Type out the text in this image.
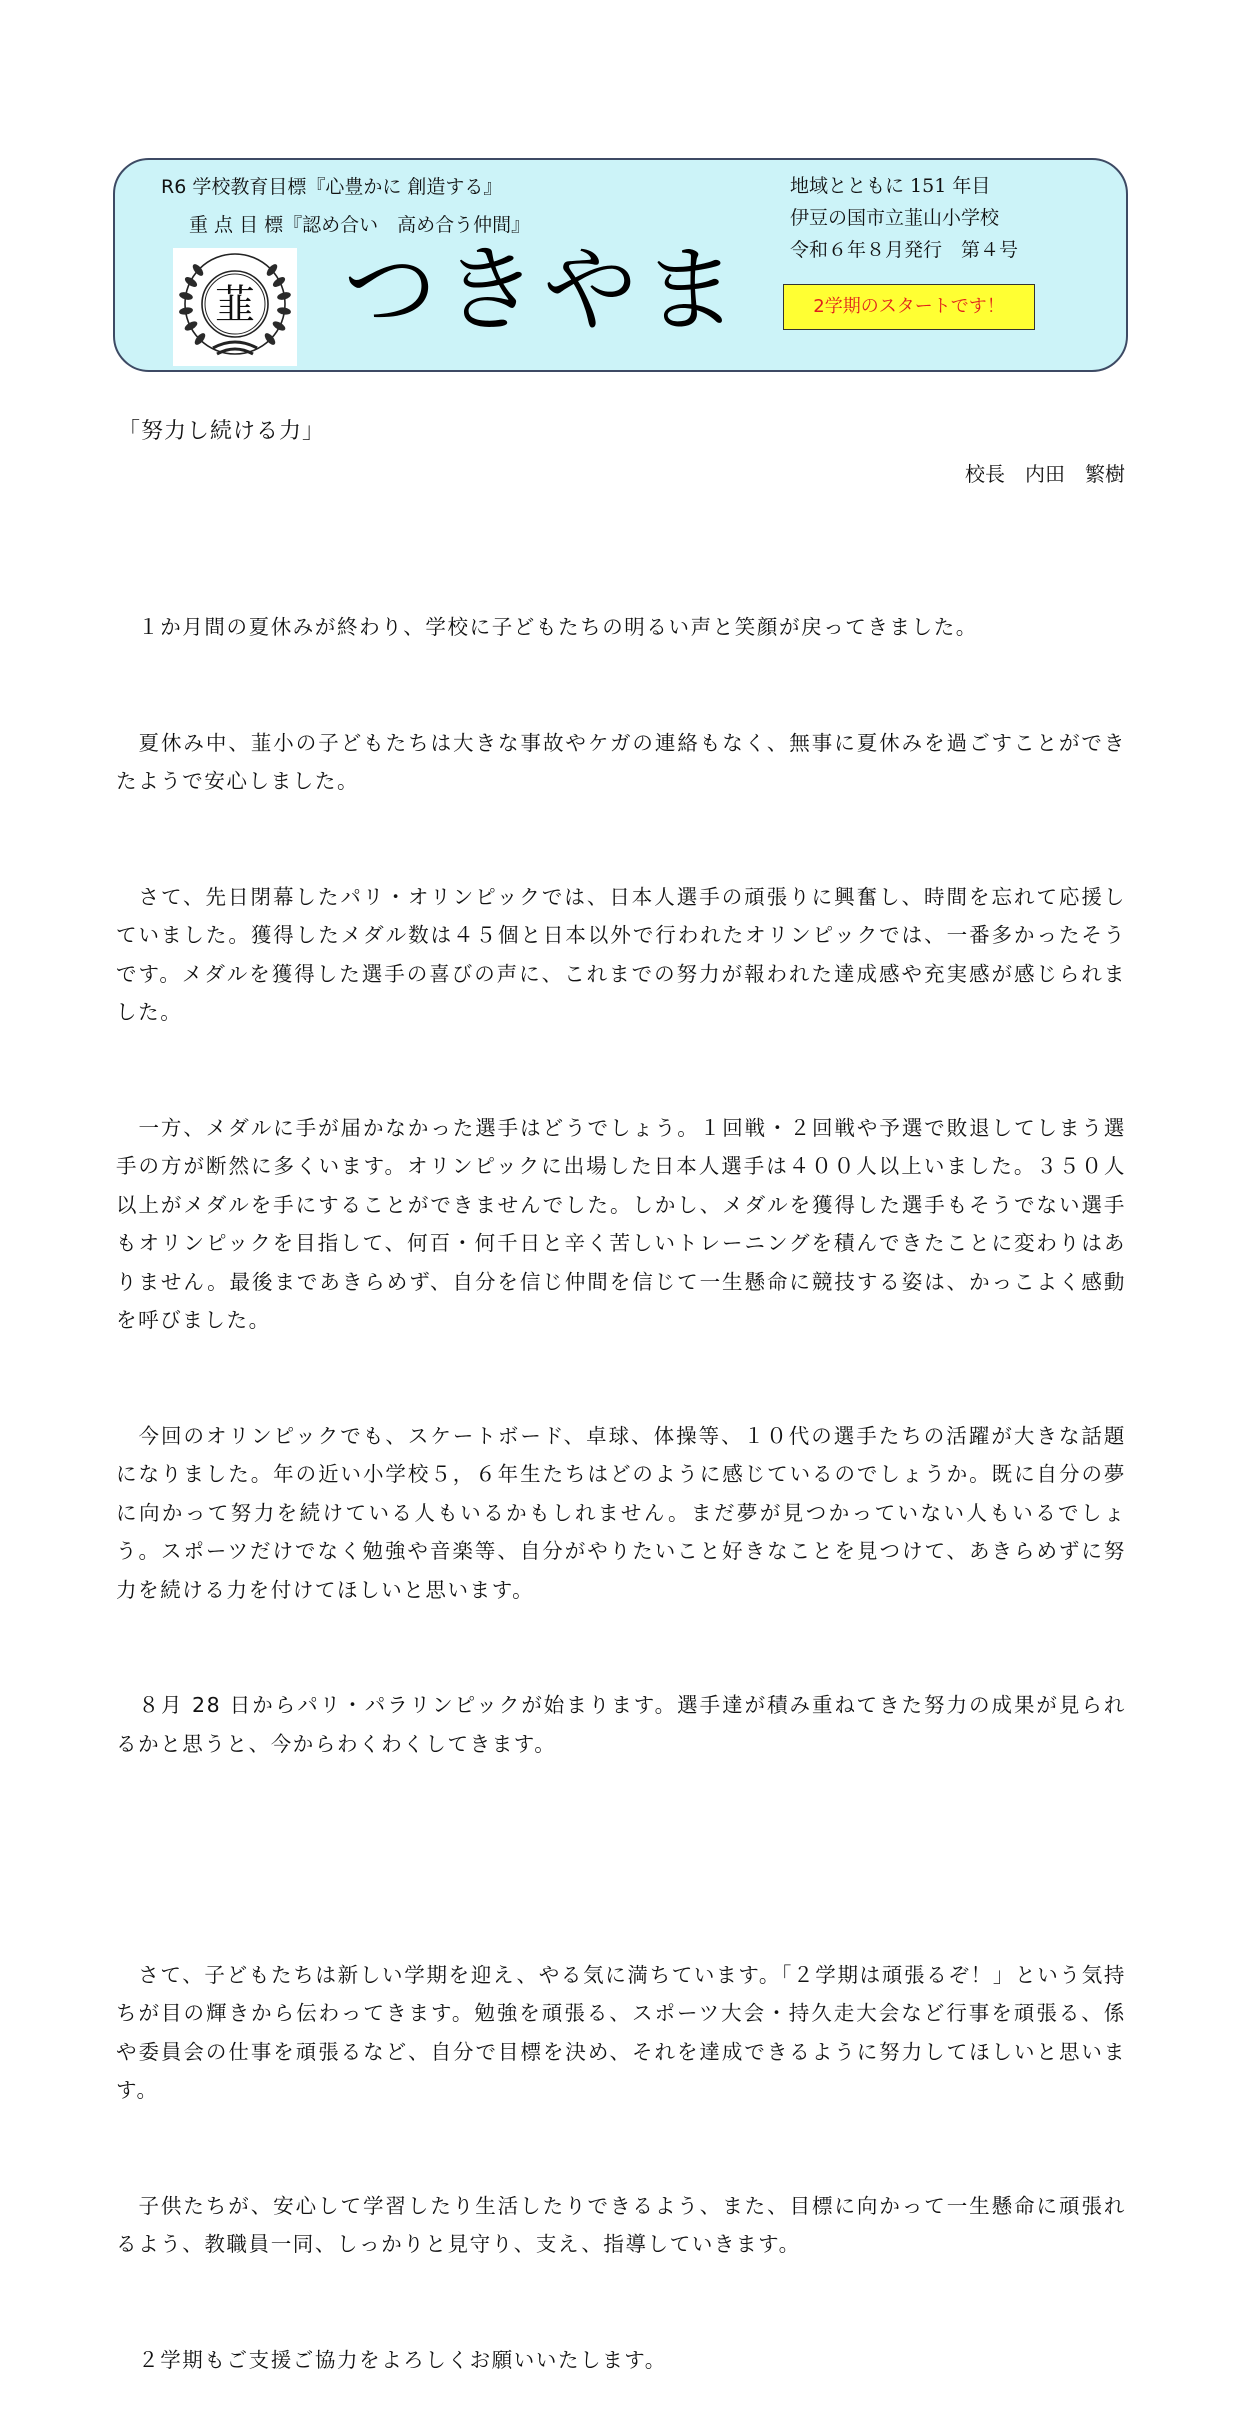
R6 学校教育目標『心豊かに 創造する』
重 点 目 標『認め合い　高め合う仲間』
韮 つきやま
地域とともに 151 年目
伊豆の国市立韮山小学校
令和６年８月発行　第４号
2学期のスタートです！
「努力し続ける力」
校長　内田　繁樹

　１か月間の夏休みが終わり、学校に子どもたちの明るい声と笑顔が戻ってきました。

　夏休み中、韮小の子どもたちは大きな事故やケガの連絡もなく、無事に夏休みを過ごすことができたようで安心しました。

　さて、先日閉幕したパリ・オリンピックでは、日本人選手の頑張りに興奮し、時間を忘れて応援していました。獲得したメダル数は４５個と日本以外で行われたオリンピックでは、一番多かったそうです。メダルを獲得した選手の喜びの声に、これまでの努力が報われた達成感や充実感が感じられました。

　一方、メダルに手が届かなかった選手はどうでしょう。１回戦・２回戦や予選で敗退してしまう選手の方が断然に多くいます。オリンピックに出場した日本人選手は４００人以上いました。３５０人以上がメダルを手にすることができませんでした。しかし、メダルを獲得した選手もそうでない選手もオリンピックを目指して、何百・何千日と辛く苦しいトレーニングを積んできたことに変わりはありません。最後まであきらめず、自分を信じ仲間を信じて一生懸命に競技する姿は、かっこよく感動を呼びました。

　今回のオリンピックでも、スケートボード、卓球、体操等、１０代の選手たちの活躍が大きな話題になりました。年の近い小学校５，６年生たちはどのように感じているのでしょうか。既に自分の夢に向かって努力を続けている人もいるかもしれません。まだ夢が見つかっていない人もいるでしょう。スポーツだけでなく勉強や音楽等、自分がやりたいこと好きなことを見つけて、あきらめずに努力を続ける力を付けてほしいと思います。

　８月 28 日からパリ・パラリンピックが始まります。選手達が積み重ねてきた努力の成果が見られるかと思うと、今からわくわくしてきます。

　さて、子どもたちは新しい学期を迎え、やる気に満ちています。「２学期は頑張るぞ！」という気持ちが目の輝きから伝わってきます。勉強を頑張る、スポーツ大会・持久走大会など行事を頑張る、係や委員会の仕事を頑張るなど、自分で目標を決め、それを達成できるように努力してほしいと思います。

　子供たちが、安心して学習したり生活したりできるよう、また、目標に向かって一生懸命に頑張れるよう、教職員一同、しっかりと見守り、支え、指導していきます。

　２学期もご支援ご協力をよろしくお願いいたします。
